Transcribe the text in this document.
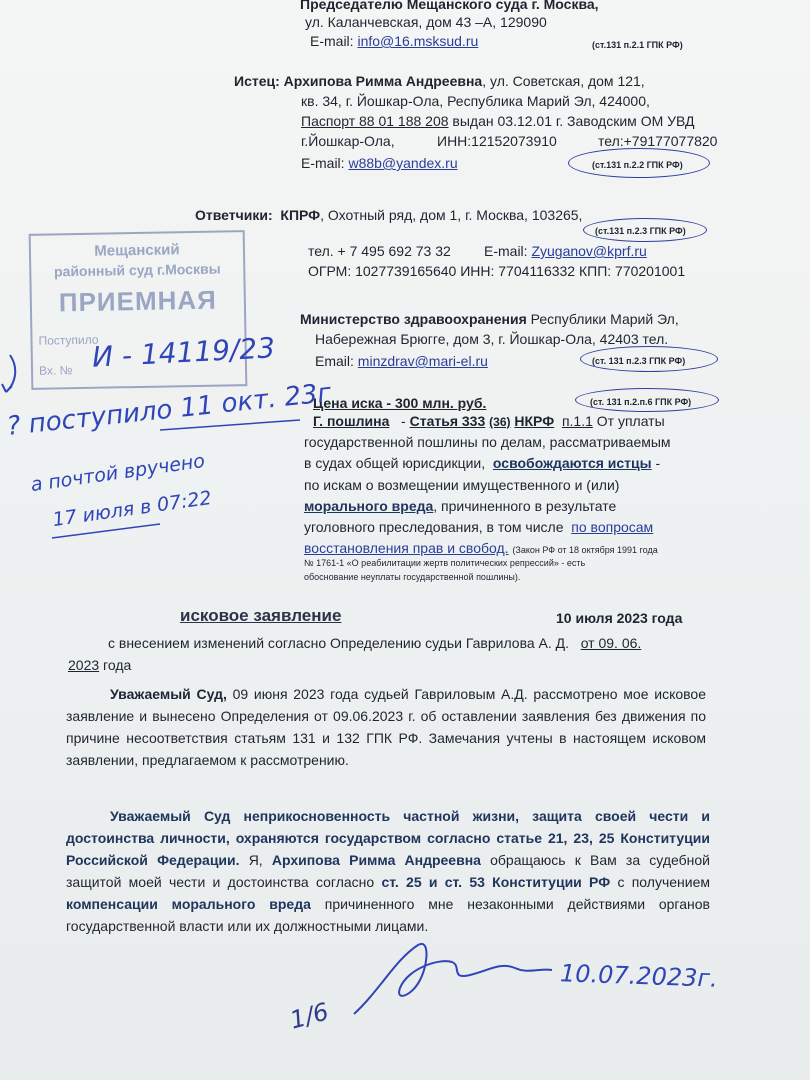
Председателю Мещанского суда г. Москва,
ул. Каланчевская, дом 43 –А, 129090
E-mail: info@16.msksud.ru	(ст.131 п.2.1 ГПК РФ)
Истец: Архипова Римма Андреевна, ул. Советская, дом 121,
кв. 34, г. Йошкар-Ола, Республика Марий Эл, 424000,
Паспорт 88 01 188 208 выдан 03.12.01 г. Заводским ОМ УВД
г.Йошкар-Ола,	ИНН:12152073910	тел:+79177077820
E-mail: w88b@yandex.ru	(ст.131 п.2.2 ГПК РФ)
Ответчики: КПРФ, Охотный ряд, дом 1, г. Москва, 103265,
(ст.131 п.2.3 ГПК РФ)
тел. + 7 495 692 73 32 E-mail: Zyuganov@kprf.ru
ОГРМ: 1027739165640 ИНН: 7704116332 КПП: 770201001
Министерство здравоохранения Республики Марий Эл,
Набережная Брюгге, дом 3, г. Йошкар-Ола, 42403 тел.
Email: minzdrav@mari-el.ru	(ст. 131 п.2.3 ГПК РФ)
Цена иска - 300 млн. руб.	(ст. 131 п.2.п.6 ГПК РФ)
Г. пошлина   - Статья 333 (36) НКРФ п.1.1 От уплаты
государственной пошлины по делам, рассматриваемым
в судах общей юрисдикции, освобождаются истцы -
по искам о возмещении имущественного и (или)
морального вреда, причиненного в результате
уголовного преследования, в том числе по вопросам
восстановления прав и свобод. (Закон РФ от 18 октября 1991 года
№ 1761-1 «О реабилитации жертв политических репрессий» - есть
обоснование неуплаты государственной пошлины).
исковое заявление	10 июля 2023 года
с внесением изменений согласно Определению судьи Гаврилова А. Д. от 09. 06.
2023 года
Уважаемый Суд, 09 июня 2023 года судьей Гавриловым А.Д. рассмотрено мое исковое заявление и вынесено Определения от 09.06.2023 г. об оставлении заявления без движения по причине несоответствия статьям 131 и 132 ГПК РФ. Замечания учтены в настоящем исковом заявлении, предлагаемом к рассмотрению.
Уважаемый Суд неприкосновенность частной жизни, защита своей чести и достоинства личности, охраняются государством согласно статье 21, 23, 25 Конституции Российской Федерации. Я, Архипова Римма Андреевна обращаюсь к Вам за судебной защитой моей чести и достоинства согласно ст. 25 и ст. 53 Конституции РФ с получением компенсации морального вреда причиненного мне незаконными действиями органов государственной власти или их должностными лицами.
Мещанский
районный суд г.Москвы
ПРИЕМНАЯ
Поступило
Вх. № И - 14119/23
? поступило 11 окт. 23г
а почтой вручено
17 июля в 07:22
1/6
10.07.2023г.
